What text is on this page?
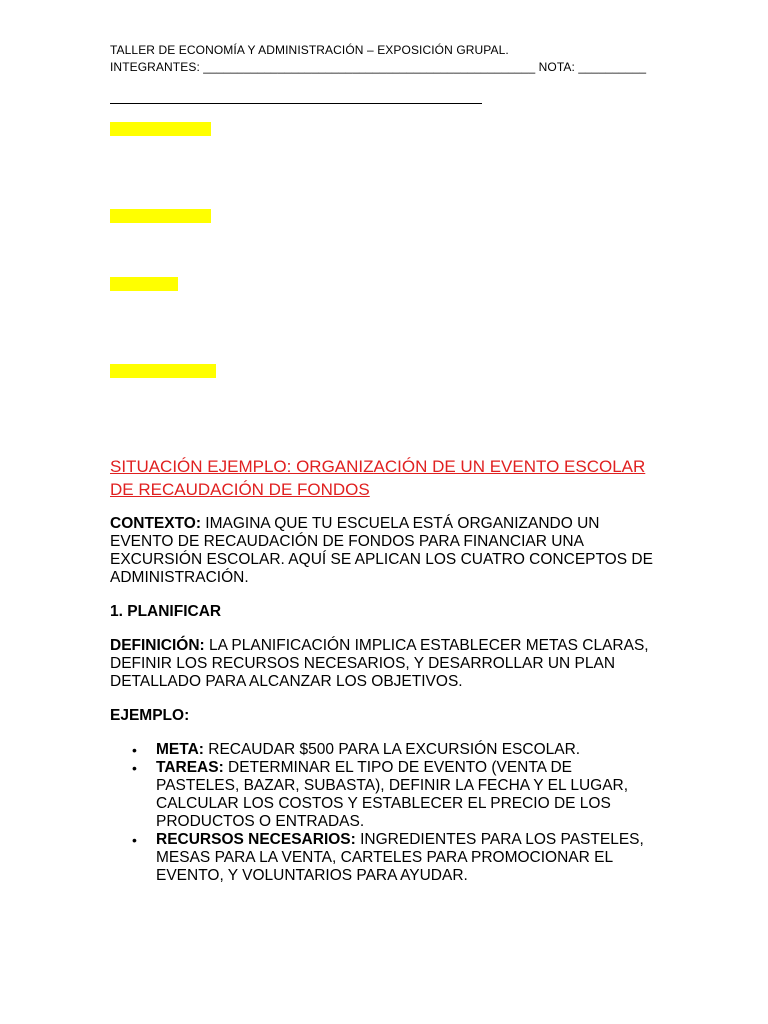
TALLER DE ECONOMÍA Y ADMINISTRACIÓN – EXPOSICIÓN GRUPAL.
INTEGRANTES: _________________________________________________ NOTA: __________
SITUACIÓN EJEMPLO: ORGANIZACIÓN DE UN EVENTO ESCOLAR DE RECAUDACIÓN DE FONDOS

CONTEXTO: IMAGINA QUE TU ESCUELA ESTÁ ORGANIZANDO UN EVENTO DE RECAUDACIÓN DE FONDOS PARA FINANCIAR UNA EXCURSIÓN ESCOLAR. AQUÍ SE APLICAN LOS CUATRO CONCEPTOS DE ADMINISTRACIÓN.

1. PLANIFICAR

DEFINICIÓN: LA PLANIFICACIÓN IMPLICA ESTABLECER METAS CLARAS, DEFINIR LOS RECURSOS NECESARIOS, Y DESARROLLAR UN PLAN DETALLADO PARA ALCANZAR LOS OBJETIVOS.

EJEMPLO:

• META: RECAUDAR $500 PARA LA EXCURSIÓN ESCOLAR.
• TAREAS: DETERMINAR EL TIPO DE EVENTO (VENTA DE PASTELES, BAZAR, SUBASTA), DEFINIR LA FECHA Y EL LUGAR, CALCULAR LOS COSTOS Y ESTABLECER EL PRECIO DE LOS PRODUCTOS O ENTRADAS.
• RECURSOS NECESARIOS: INGREDIENTES PARA LOS PASTELES, MESAS PARA LA VENTA, CARTELES PARA PROMOCIONAR EL EVENTO, Y VOLUNTARIOS PARA AYUDAR.
